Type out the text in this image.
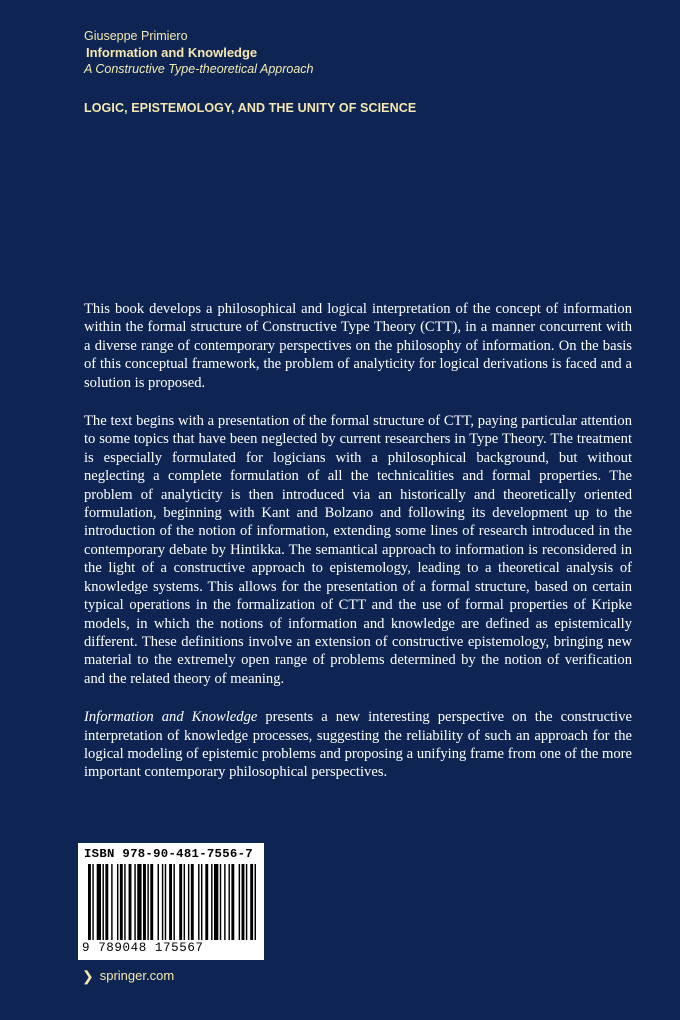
Giuseppe Primiero
Information and Knowledge
A Constructive Type-theoretical Approach
LOGIC, EPISTEMOLOGY, AND THE UNITY OF SCIENCE

This book develops a philosophical and logical interpretation of the concept of information within the formal structure of Constructive Type Theory (CTT), in a manner concurrent with a diverse range of contemporary perspectives on the philosophy of information. On the basis of this conceptual framework, the problem of analyticity for logical derivations is faced and a solution is proposed.

The text begins with a presentation of the formal structure of CTT, paying particular attention to some topics that have been neglected by current researchers in Type Theory. The treatment is especially formulated for logicians with a philosophical background, but without neglecting a complete formulation of all the technicalities and formal properties. The problem of analyticity is then introduced via an historically and theoretically oriented formulation, beginning with Kant and Bolzano and following its development up to the introduction of the notion of information, extending some lines of research introduced in the contemporary debate by Hintikka. The semantical approach to information is reconsidered in the light of a constructive approach to epistemology, leading to a theoretical analysis of knowledge systems. This allows for the presentation of a formal structure, based on certain typical operations in the formalization of CTT and the use of formal properties of Kripke models, in which the notions of information and knowledge are defined as epistemically different. These definitions involve an extension of constructive epistemology, bringing new material to the extremely open range of problems determined by the notion of verification and the related theory of meaning.

Information and Knowledge presents a new interesting perspective on the constructive interpretation of knowledge processes, suggesting the reliability of such an approach for the logical modeling of epistemic problems and proposing a unifying frame from one of the more important contemporary philosophical perspectives.

ISBN 978-90-481-7556-7
9 789048 175567
❯ springer.com
